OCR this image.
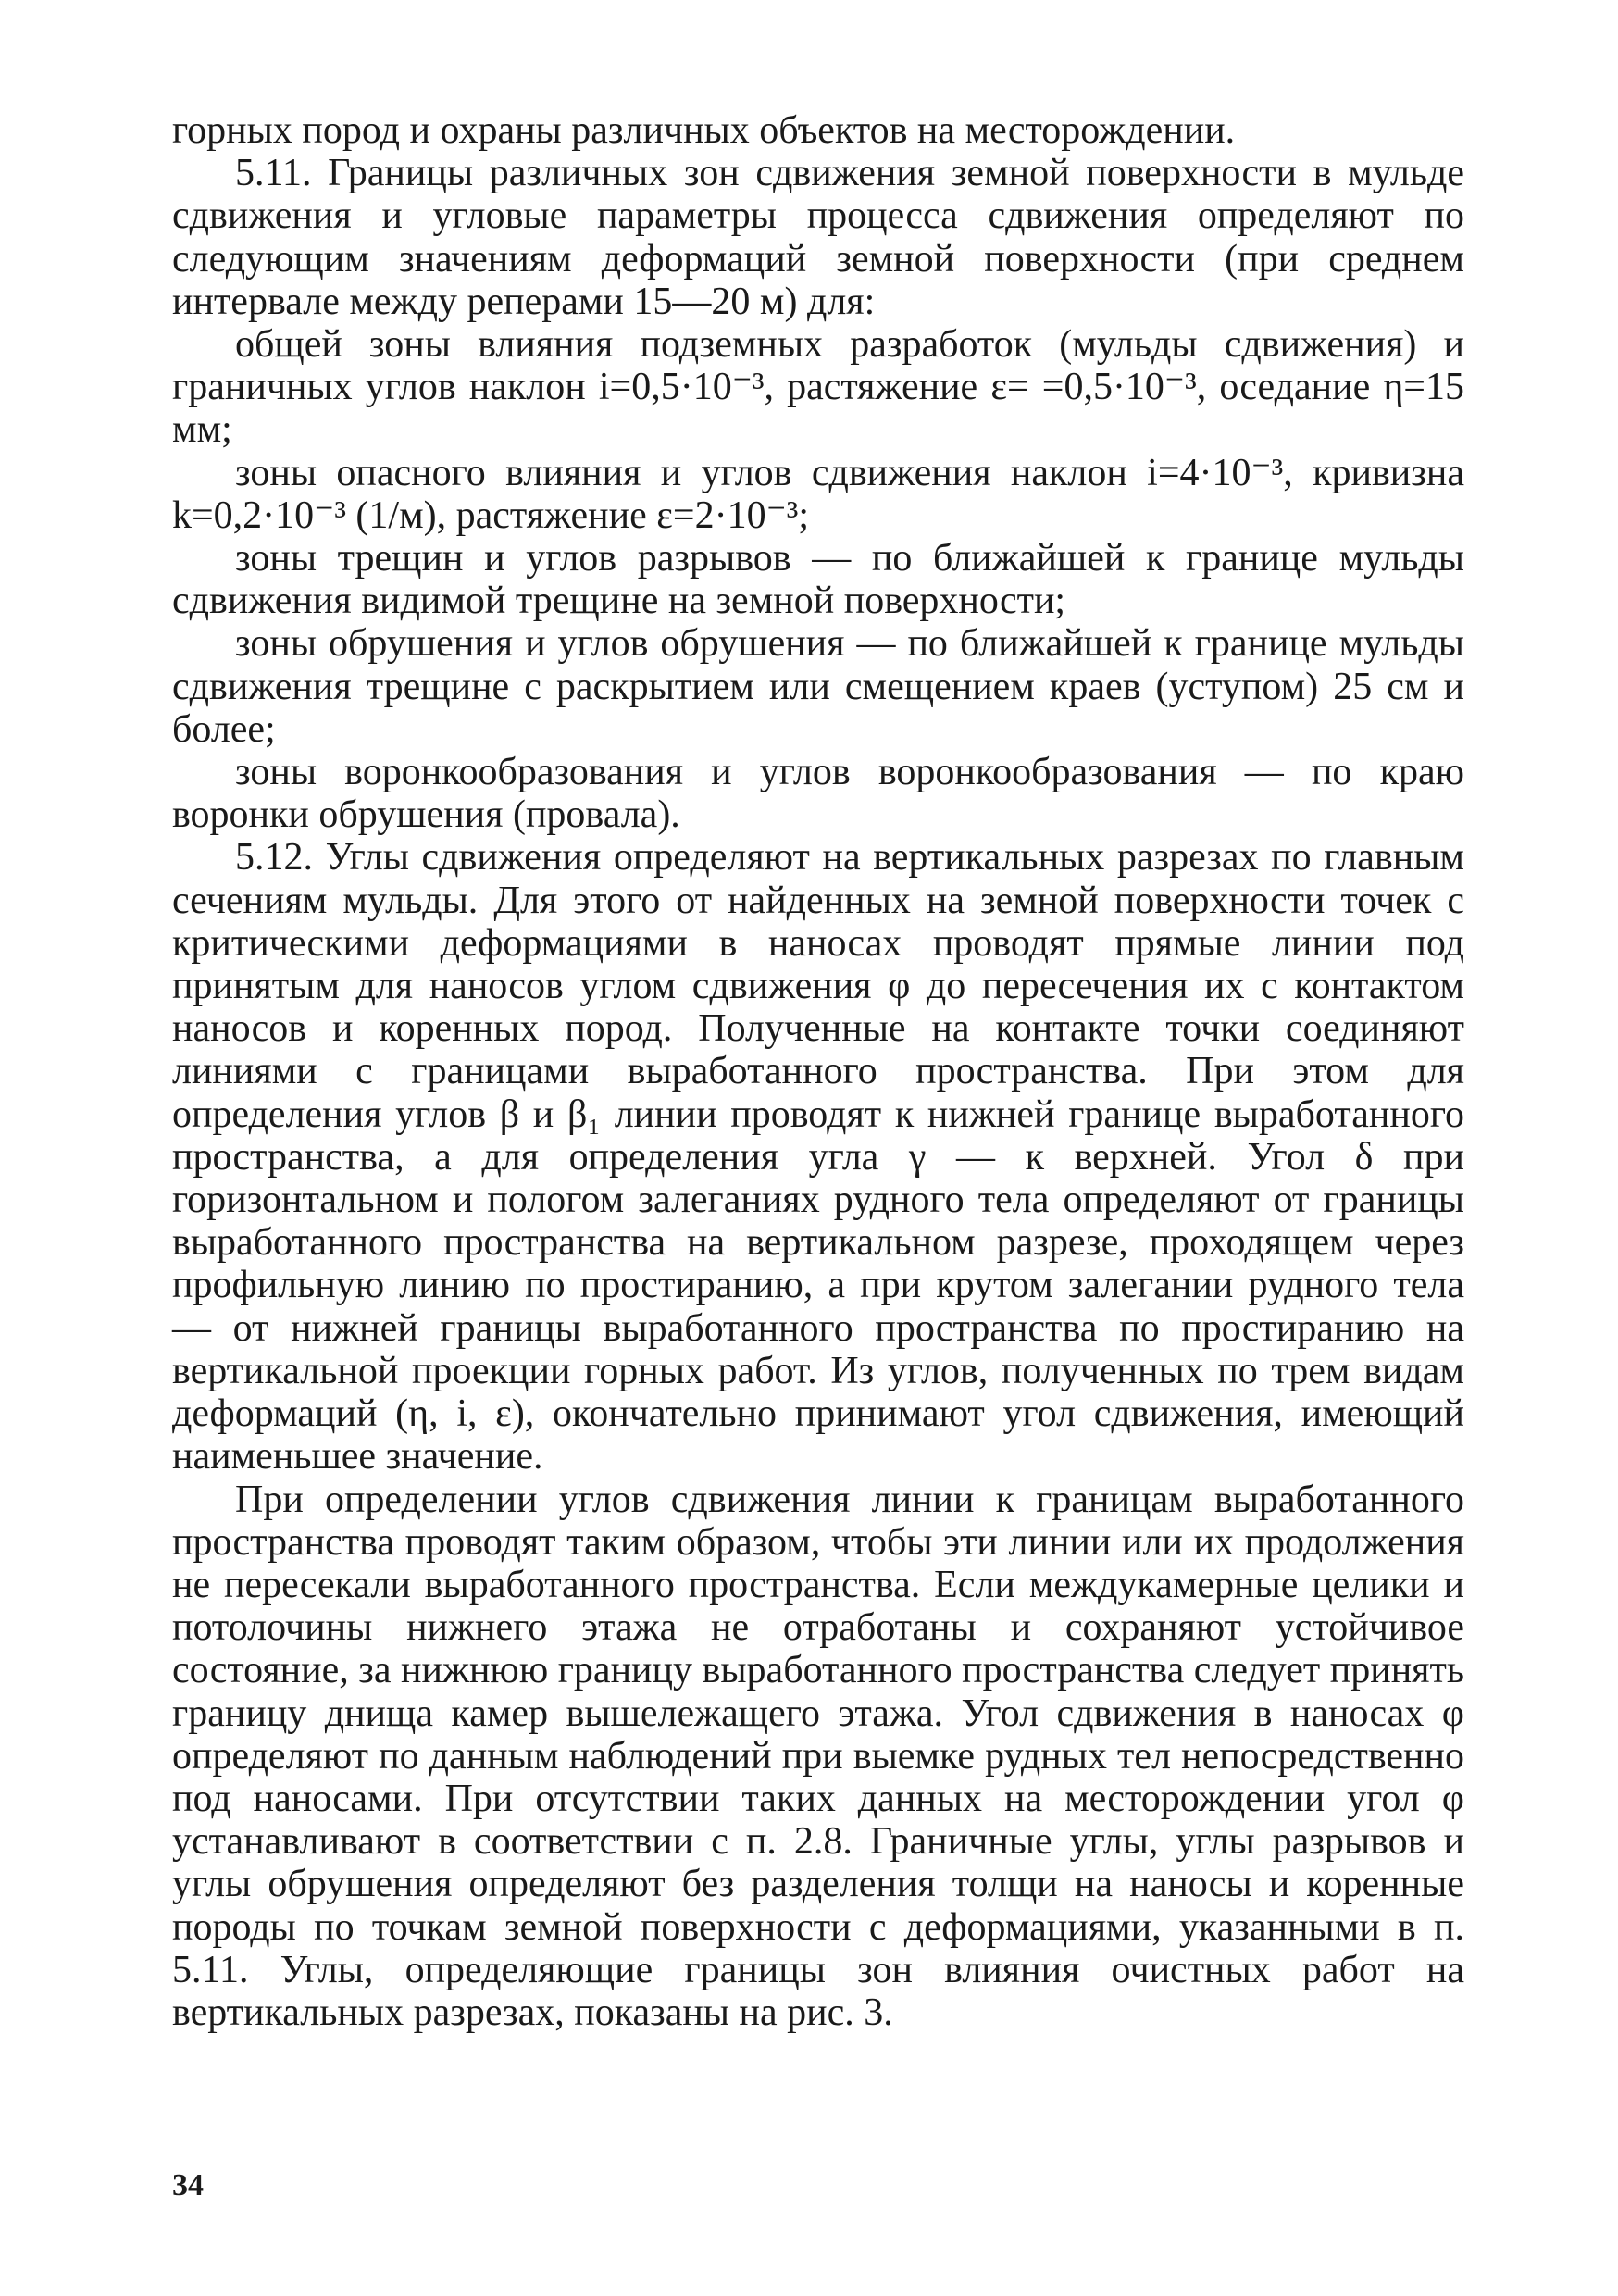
горных пород и охраны различных объектов на месторождении.

5.11. Границы различных зон сдвижения земной поверхности в мульде сдвижения и угловые параметры процесса сдвижения определяют по следующим значениям деформаций земной поверхности (при среднем интервале между реперами 15—20 м) для:

общей зоны влияния подземных разработок (мульды сдвижения) и граничных углов наклон i=0,5·10⁻³, растяжение ε= =0,5·10⁻³, оседание η=15 мм;

зоны опасного влияния и углов сдвижения наклон i=4·10⁻³, кривизна k=0,2·10⁻³ (1/м), растяжение ε=2·10⁻³;

зоны трещин и углов разрывов — по ближайшей к границе мульды сдвижения видимой трещине на земной поверхности;

зоны обрушения и углов обрушения — по ближайшей к границе мульды сдвижения трещине с раскрытием или смещением краев (уступом) 25 см и более;

зоны воронкообразования и углов воронкообразования — по краю воронки обрушения (провала).

5.12. Углы сдвижения определяют на вертикальных разрезах по главным сечениям мульды. Для этого от найденных на земной поверхности точек с критическими деформациями в наносах проводят прямые линии под принятым для наносов углом сдвижения φ до пересечения их с контактом наносов и коренных пород. Полученные на контакте точки соединяют линиями с границами выработанного пространства. При этом для определения углов β и β₁ линии проводят к нижней границе выработанного пространства, а для определения угла γ — к верхней. Угол δ при горизонтальном и пологом залеганиях рудного тела определяют от границы выработанного пространства на вертикальном разрезе, проходящем через профильную линию по простиранию, а при крутом залегании рудного тела — от нижней границы выработанного пространства по простиранию на вертикальной проекции горных работ. Из углов, полученных по трем видам деформаций (η, i, ε), окончательно принимают угол сдвижения, имеющий наименьшее значение.

При определении углов сдвижения линии к границам выработанного пространства проводят таким образом, чтобы эти линии или их продолжения не пересекали выработанного пространства. Если междукамерные целики и потолочины нижнего этажа не отработаны и сохраняют устойчивое состояние, за нижнюю границу выработанного пространства следует принять границу днища камер вышележащего этажа. Угол сдвижения в наносах φ определяют по данным наблюдений при выемке рудных тел непосредственно под наносами. При отсутствии таких данных на месторождении угол φ устанавливают в соответствии с п. 2.8. Граничные углы, углы разрывов и углы обрушения определяют без разделения толщи на наносы и коренные породы по точкам земной поверхности с деформациями, указанными в п. 5.11. Углы, определяющие границы зон влияния очистных работ на вертикальных разрезах, показаны на рис. 3.

34
